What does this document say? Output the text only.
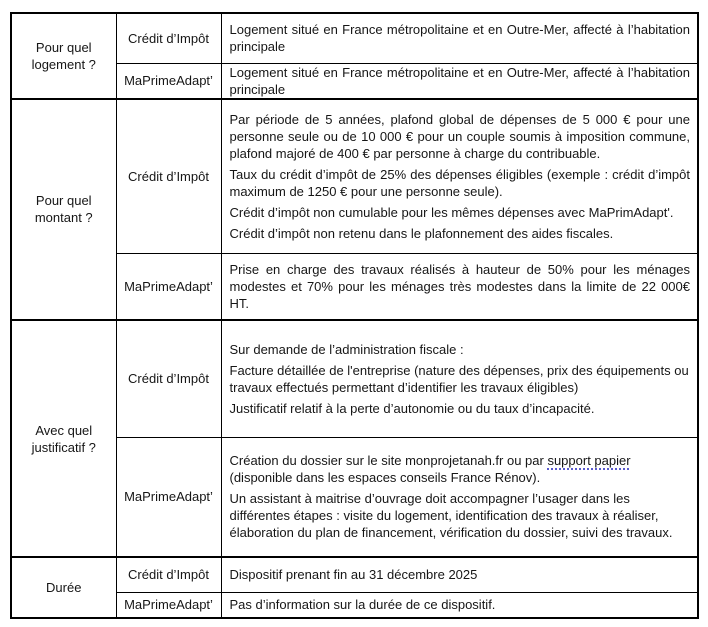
Pour quel logement ?	Crédit d’Impôt	Logement situé en France métropolitaine et en Outre-Mer, affecté à l’habitation principale

	MaPrimeAdapt’	Logement situé en France métropolitaine et en Outre-Mer, affecté à l’habitation principale

Pour quel montant ?	Crédit d’Impôt	Par période de 5 années, plafond global de dépenses de 5 000 € pour une personne seule ou de 10 000 € pour un couple soumis à imposition commune, plafond majoré de 400 € par personne à charge du contribuable.

Taux du crédit d’impôt de 25% des dépenses éligibles (exemple : crédit d’impôt maximum de 1250 € pour une personne seule).

Crédit d’impôt non cumulable pour les mêmes dépenses avec MaPrimAdapt'.

Crédit d’impôt non retenu dans le plafonnement des aides fiscales.

	MaPrimeAdapt’	Prise en charge des travaux réalisés à hauteur de 50% pour les ménages modestes et 70% pour les ménages très modestes dans la limite de 22 000€ HT.

Avec quel justificatif ?	Crédit d’Impôt	Sur demande de l’administration fiscale :

Facture détaillée de l'entreprise (nature des dépenses, prix des équipements ou travaux effectués permettant d’identifier les travaux éligibles)

Justificatif relatif à la perte d’autonomie ou du taux d’incapacité.

	MaPrimeAdapt’	Création du dossier sur le site monprojetanah.fr ou par support papier (disponible dans les espaces conseils France Rénov).

Un assistant à maitrise d’ouvrage doit accompagner l’usager dans les différentes étapes : visite du logement, identification des travaux à réaliser, élaboration du plan de financement, vérification du dossier, suivi des travaux.

Durée	Crédit d’Impôt	Dispositif prenant fin au 31 décembre 2025

	MaPrimeAdapt’	Pas d’information sur la durée de ce dispositif.
